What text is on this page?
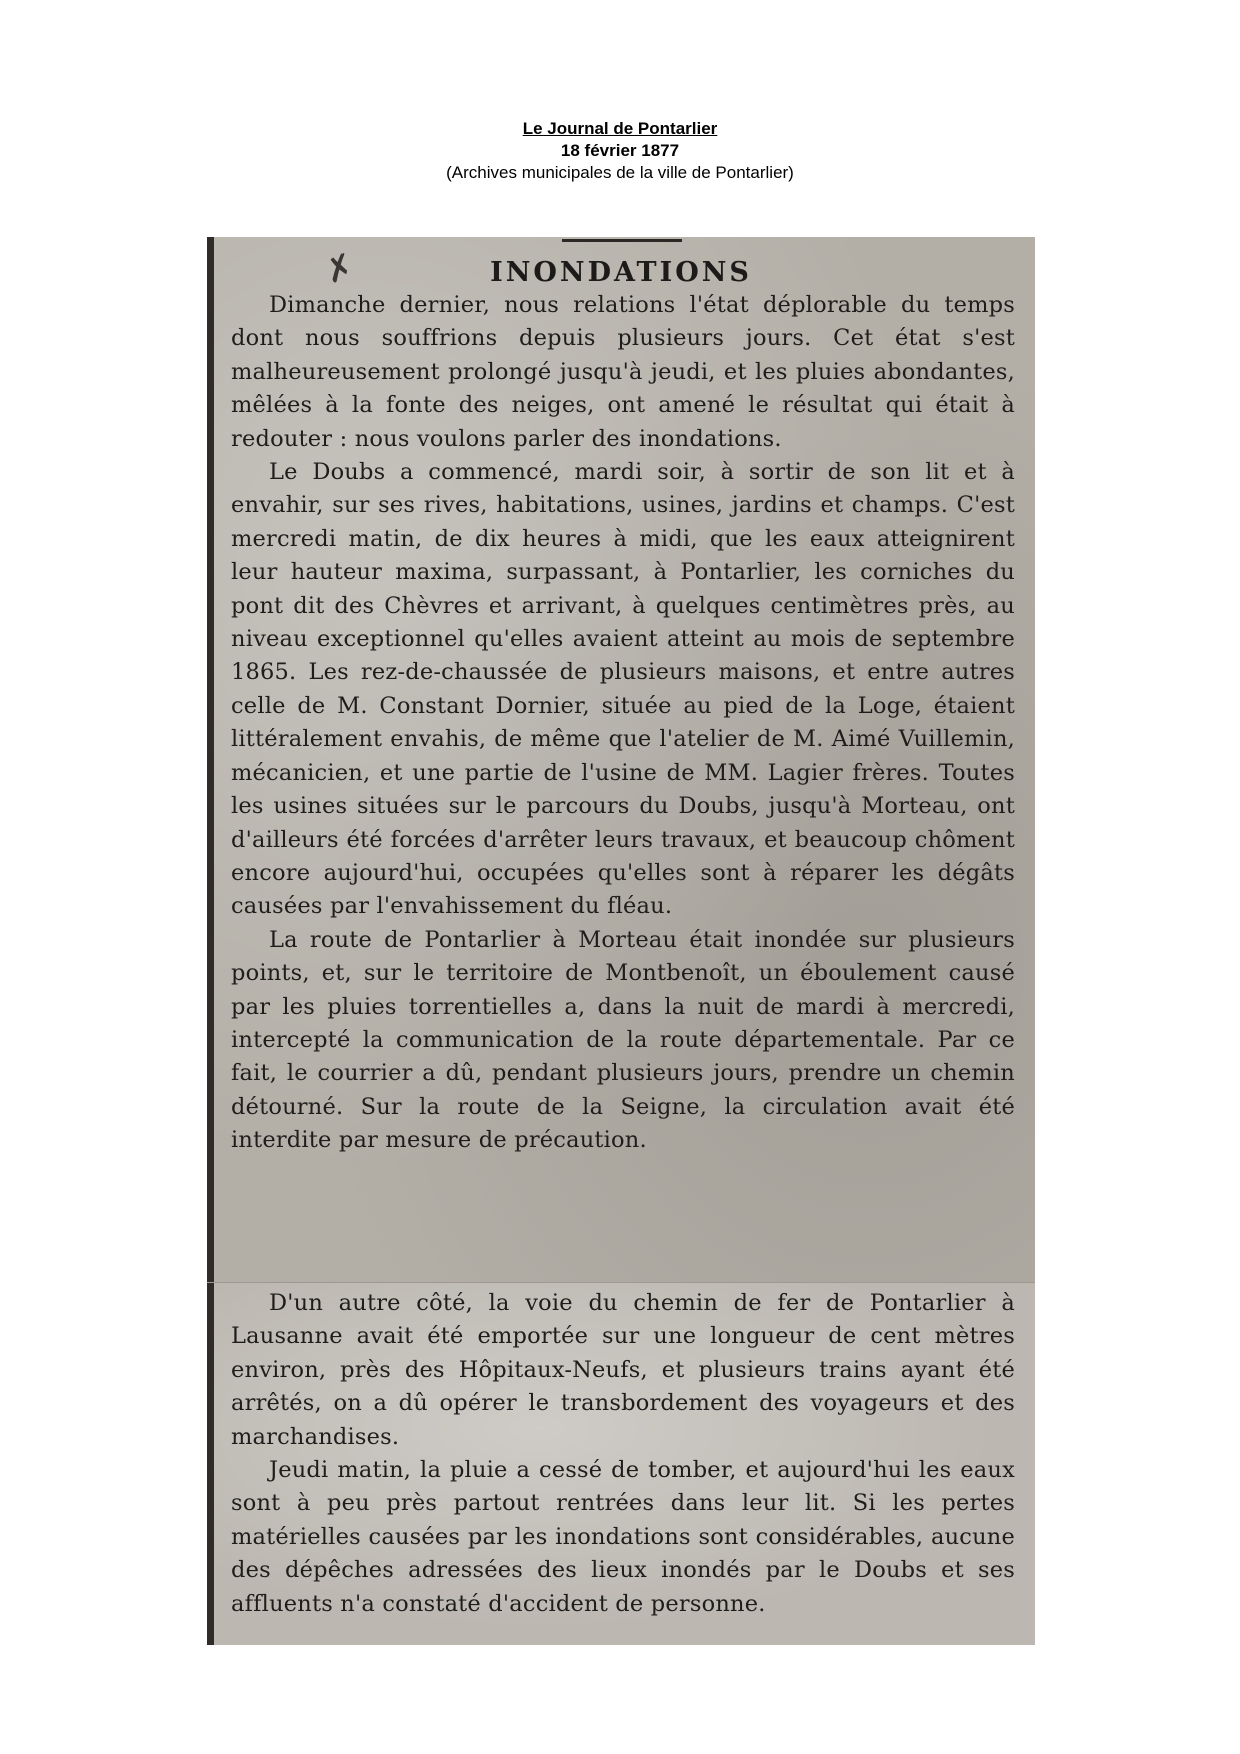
Le Journal de Pontarlier
18 février 1877
(Archives municipales de la ville de Pontarlier)
✗	INONDATIONS

Dimanche dernier, nous relations l'état déplorable du temps dont nous souffrions depuis plusieurs jours. Cet état s'est malheureusement prolongé jusqu'à jeudi, et les pluies abondantes, mêlées à la fonte des neiges, ont amené le résultat qui était à redouter : nous voulons parler des inondations.

Le Doubs a commencé, mardi soir, à sortir de son lit et à envahir, sur ses rives, habitations, usines, jardins et champs. C'est mercredi matin, de dix heures à midi, que les eaux atteignirent leur hauteur maxima, surpassant, à Pontarlier, les corniches du pont dit des Chèvres et arrivant, à quelques centimètres près, au niveau exceptionnel qu'elles avaient atteint au mois de septembre 1865. Les rez-de-chaussée de plusieurs maisons, et entre autres celle de M. Constant Dornier, située au pied de la Loge, étaient littéralement envahis, de même que l'atelier de M. Aimé Vuillemin, mécanicien, et une partie de l'usine de MM. Lagier frères. Toutes les usines situées sur le parcours du Doubs, jusqu'à Morteau, ont d'ailleurs été forcées d'arrêter leurs travaux, et beaucoup chôment encore aujourd'hui, occupées qu'elles sont à réparer les dégâts causées par l'envahissement du fléau.

La route de Pontarlier à Morteau était inondée sur plusieurs points, et, sur le territoire de Montbenoît, un éboulement causé par les pluies torrentielles a, dans la nuit de mardi à mercredi, intercepté la communication de la route départementale. Par ce fait, le courrier a dû, pendant plusieurs jours, prendre un chemin détourné. Sur la route de la Seigne, la circulation avait été interdite par mesure de précaution.

D'un autre côté, la voie du chemin de fer de Pontarlier à Lausanne avait été emportée sur une longueur de cent mètres environ, près des Hôpitaux-Neufs, et plusieurs trains ayant été arrêtés, on a dû opérer le transbordement des voyageurs et des marchandises.

Jeudi matin, la pluie a cessé de tomber, et aujourd'hui les eaux sont à peu près partout rentrées dans leur lit. Si les pertes matérielles causées par les inondations sont considérables, aucune des dépêches adressées des lieux inondés par le Doubs et ses affluents n'a constaté d'accident de personne.
